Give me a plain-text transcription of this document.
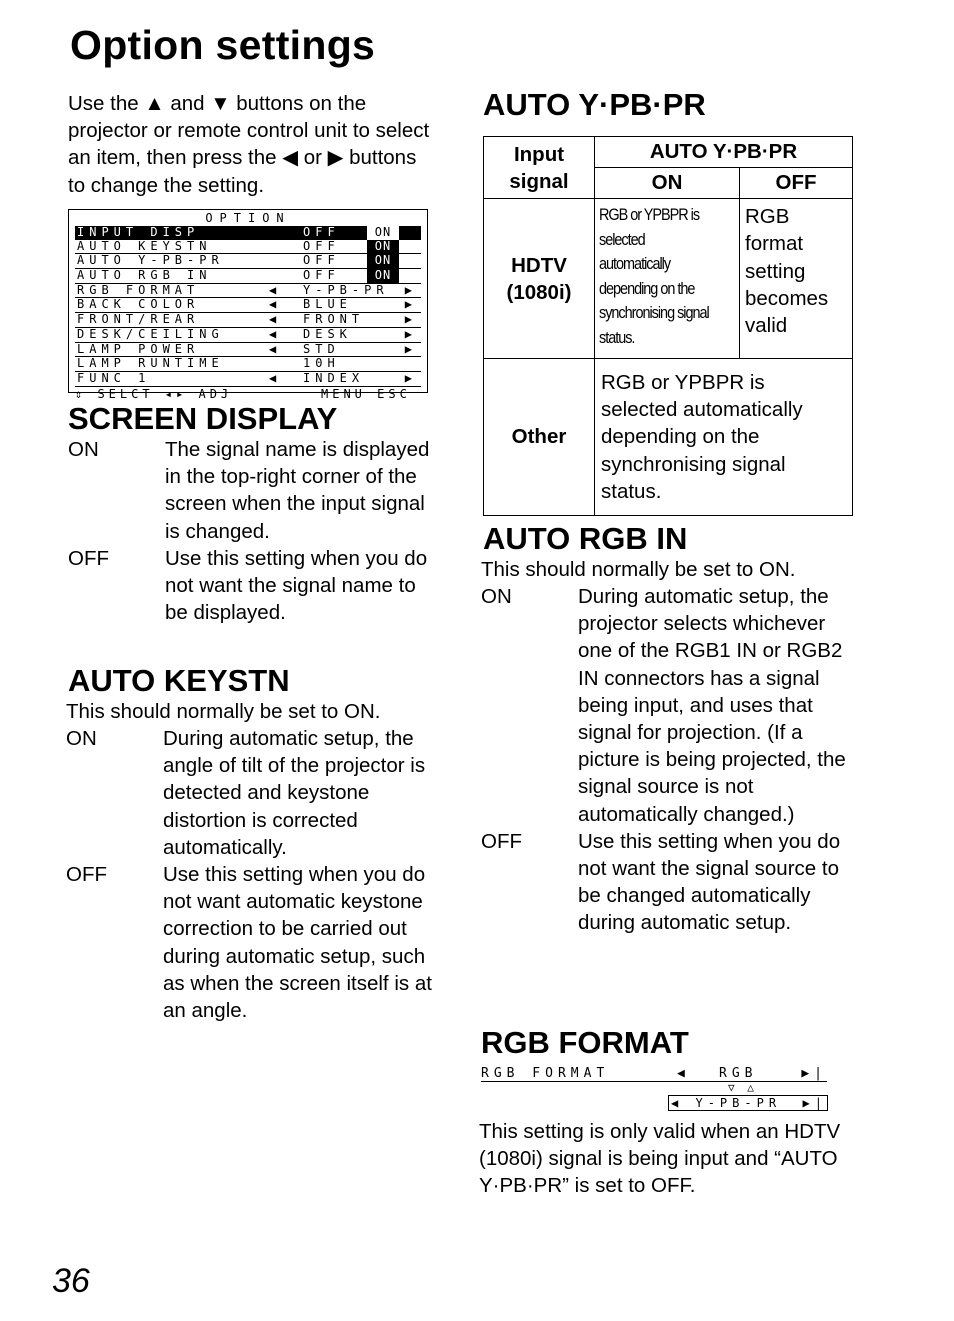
Option settings
Use the ▲ and ▼ buttons on the projector or remote control unit to select an item, then press the ◀ or ▶ buttons to change the setting.
OPTION
INPUT DISP	OFF	ON
AUTO KEYSTN	OFF	ON
AUTO Y-PB-PR	OFF	ON
AUTO RGB IN	OFF	ON
RGB FORMAT	◀ Y-PB-PR ▶
BACK COLOR	◀ BLUE	▶
FRONT/REAR	◀ FRONT	▶
DESK/CEILING	◀ DESK	▶
LAMP POWER	◀ STD	▶
LAMP RUNTIME	10H
FUNC 1	◀ INDEX	▶
⇕ SELCT ◂▸ ADJ	MENU ESC
SCREEN DISPLAY
ON	The signal name is displayed in the top-right corner of the screen when the input signal is changed.
OFF	Use this setting when you do not want the signal name to be displayed.
AUTO KEYSTN
This should normally be set to ON.
ON	During automatic setup, the angle of tilt of the projector is detected and keystone distortion is corrected automatically.
OFF	Use this setting when you do not want automatic keystone correction to be carried out during automatic setup, such as when the screen itself is at an angle.
AUTO Y·PB·PR
Input signal	AUTO Y·PB·PR	
	ON	OFF
HDTV (1080i)	RGB or YPBPR is selected automatically depending on the synchronising signal status.	RGB format setting becomes valid
Other	RGB or YPBPR is selected automatically depending on the synchronising signal status.	
AUTO RGB IN
This should normally be set to ON.
ON	During automatic setup, the projector selects whichever one of the RGB1 IN or RGB2 IN connectors has a signal being input, and uses that signal for projection. (If a picture is being projected, the signal source is not automatically changed.)
OFF	Use this setting when you do not want the signal source to be changed automatically during automatic setup.
RGB FORMAT
RGB FORMAT	◀ RGB	▶|
▽ △
◀ Y-PB-PR ▶|
This setting is only valid when an HDTV (1080i) signal is being input and “AUTO Y·PB·PR” is set to OFF.
36
